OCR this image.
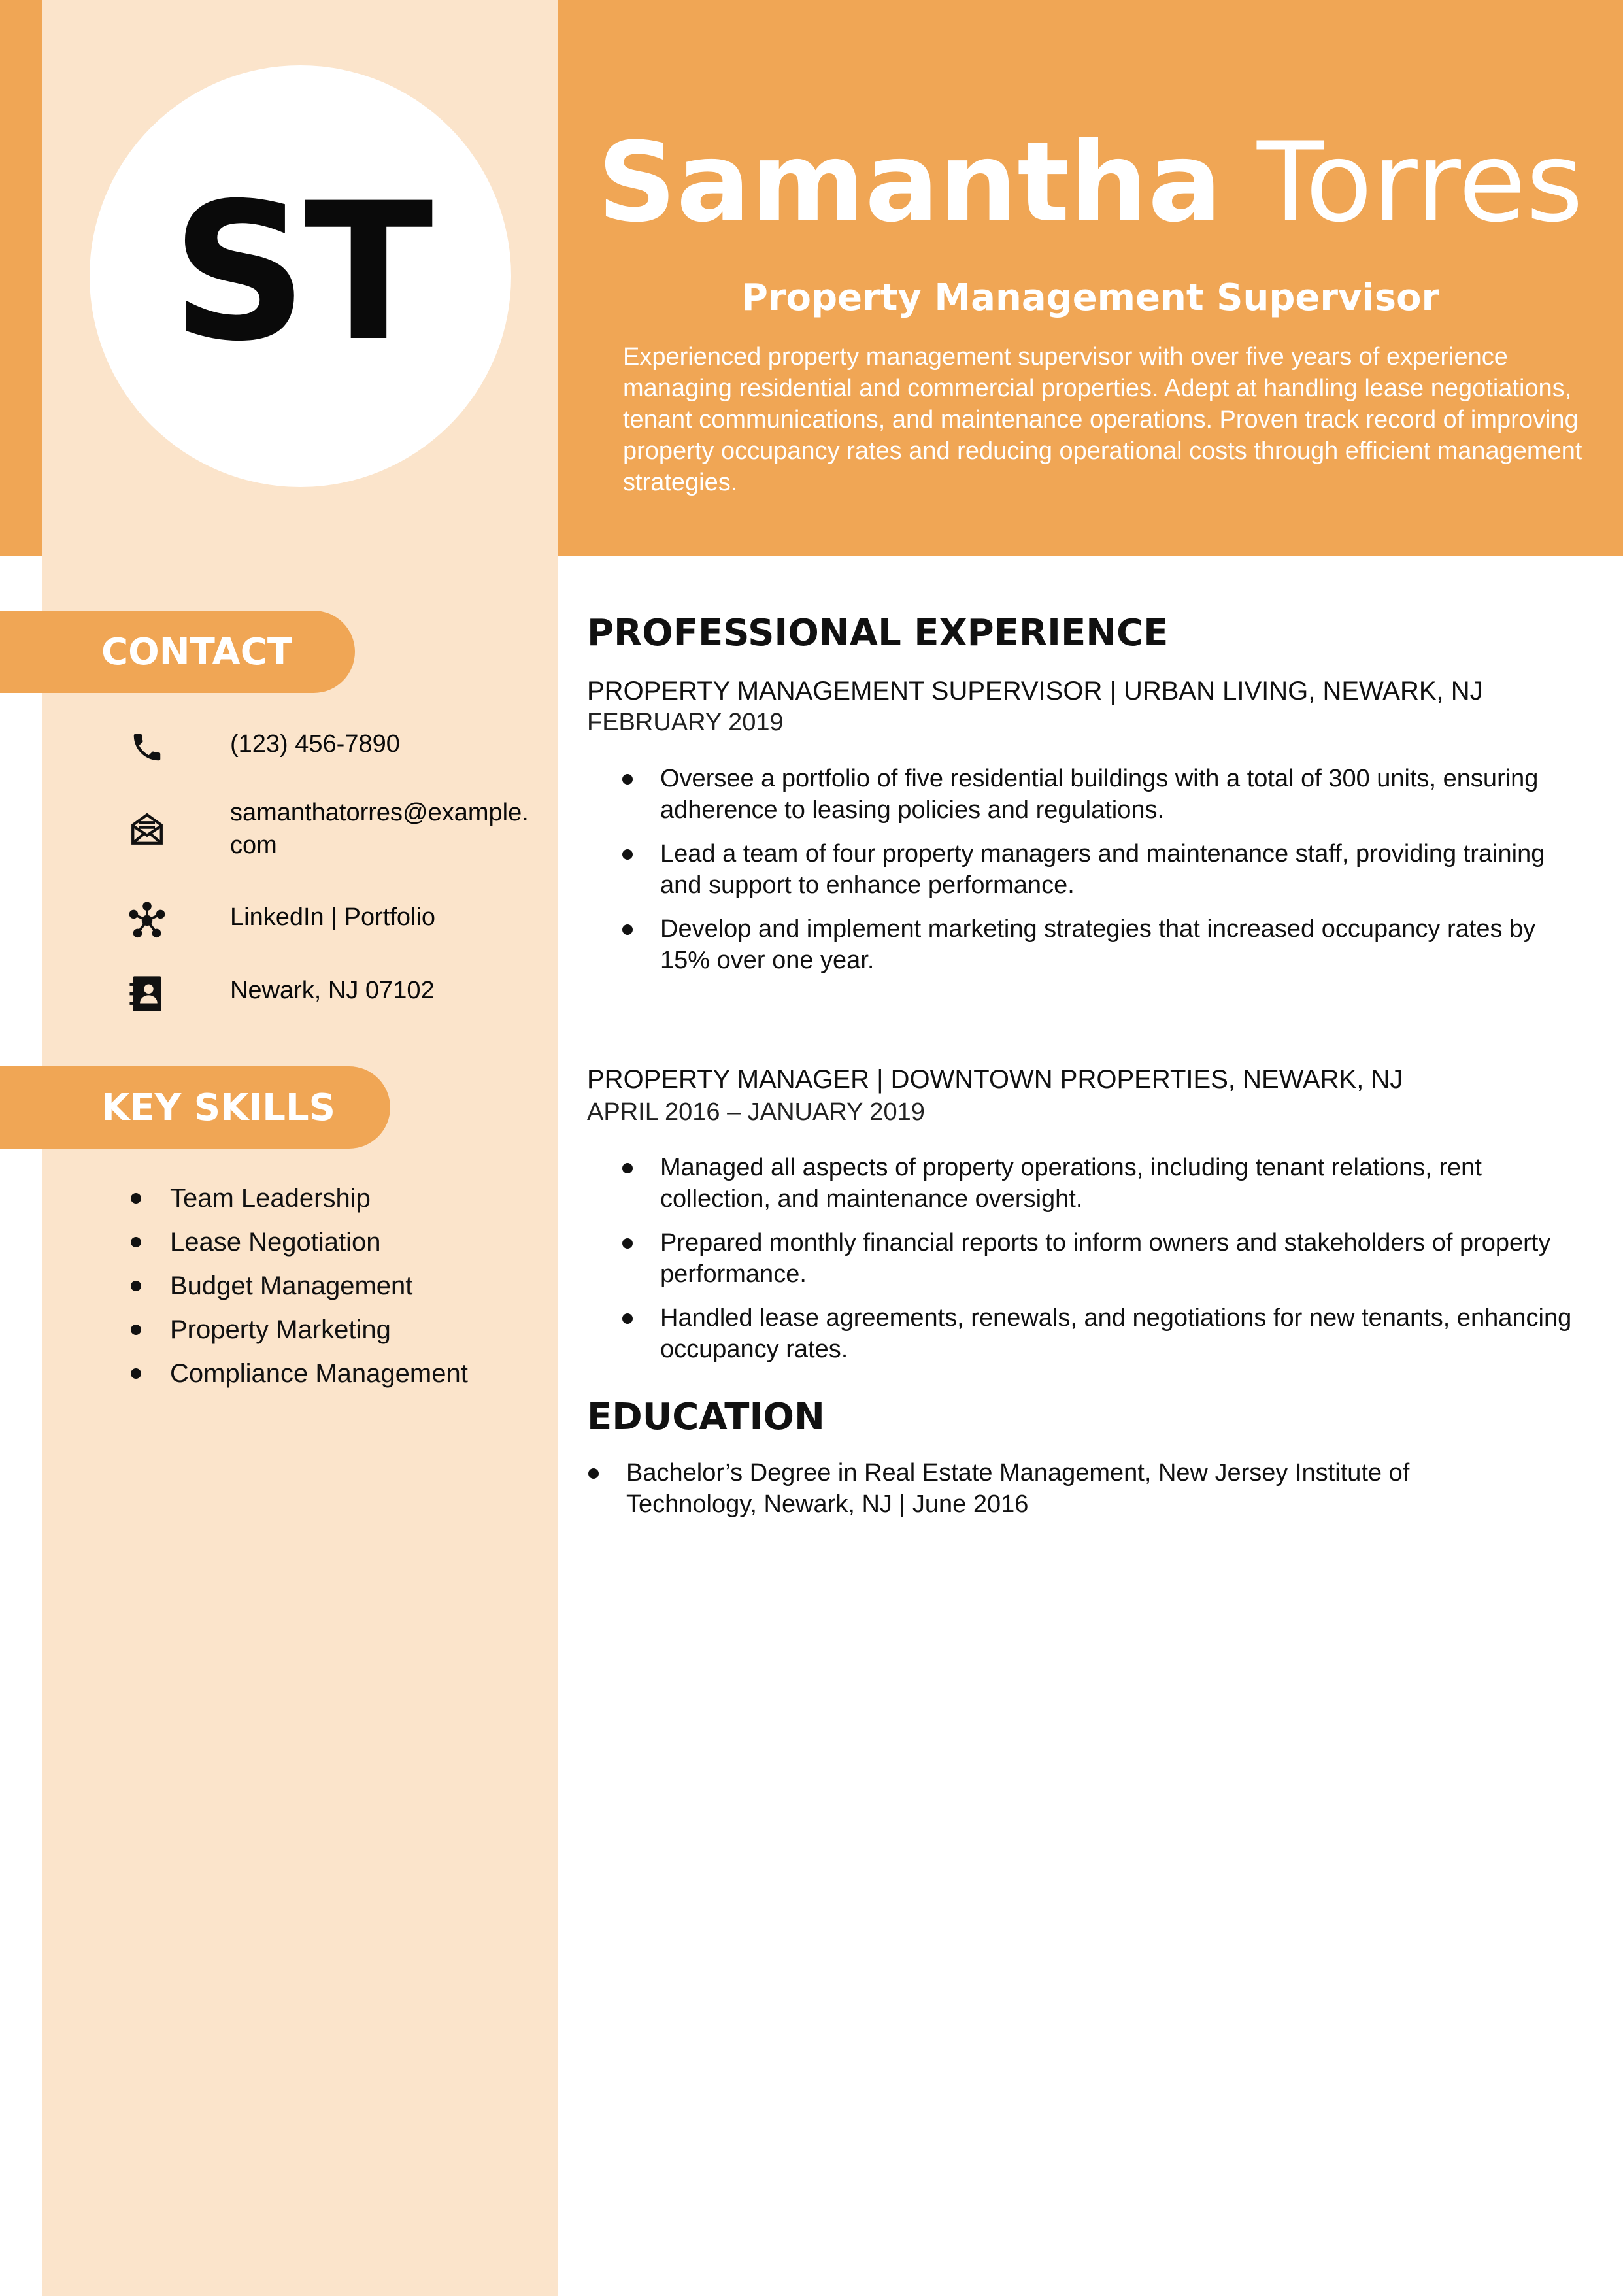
ST	Samantha Torres
Property Management Supervisor

Experienced property management supervisor with over five years of experience managing residential and commercial properties. Adept at handling lease negotiations, tenant communications, and maintenance operations. Proven track record of improving property occupancy rates and reducing operational costs through efficient management strategies.

CONTACT
(123) 456-7890
samanthatorres@example.com
LinkedIn | Portfolio
Newark, NJ 07102
KEY SKILLS
Team Leadership
Lease Negotiation
Budget Management
Property Marketing
Compliance Management
PROFESSIONAL EXPERIENCE
PROPERTY MANAGEMENT SUPERVISOR | URBAN LIVING, NEWARK, NJ
FEBRUARY 2019
Oversee a portfolio of five residential buildings with a total of 300 units, ensuring adherence to leasing policies and regulations.
Lead a team of four property managers and maintenance staff, providing training and support to enhance performance.
Develop and implement marketing strategies that increased occupancy rates by 15% over one year.
PROPERTY MANAGER | DOWNTOWN PROPERTIES, NEWARK, NJ
APRIL 2016 – JANUARY 2019
Managed all aspects of property operations, including tenant relations, rent collection, and maintenance oversight.
Prepared monthly financial reports to inform owners and stakeholders of property performance.
Handled lease agreements, renewals, and negotiations for new tenants, enhancing occupancy rates.
EDUCATION
Bachelor’s Degree in Real Estate Management, New Jersey Institute of Technology, Newark, NJ | June 2016
